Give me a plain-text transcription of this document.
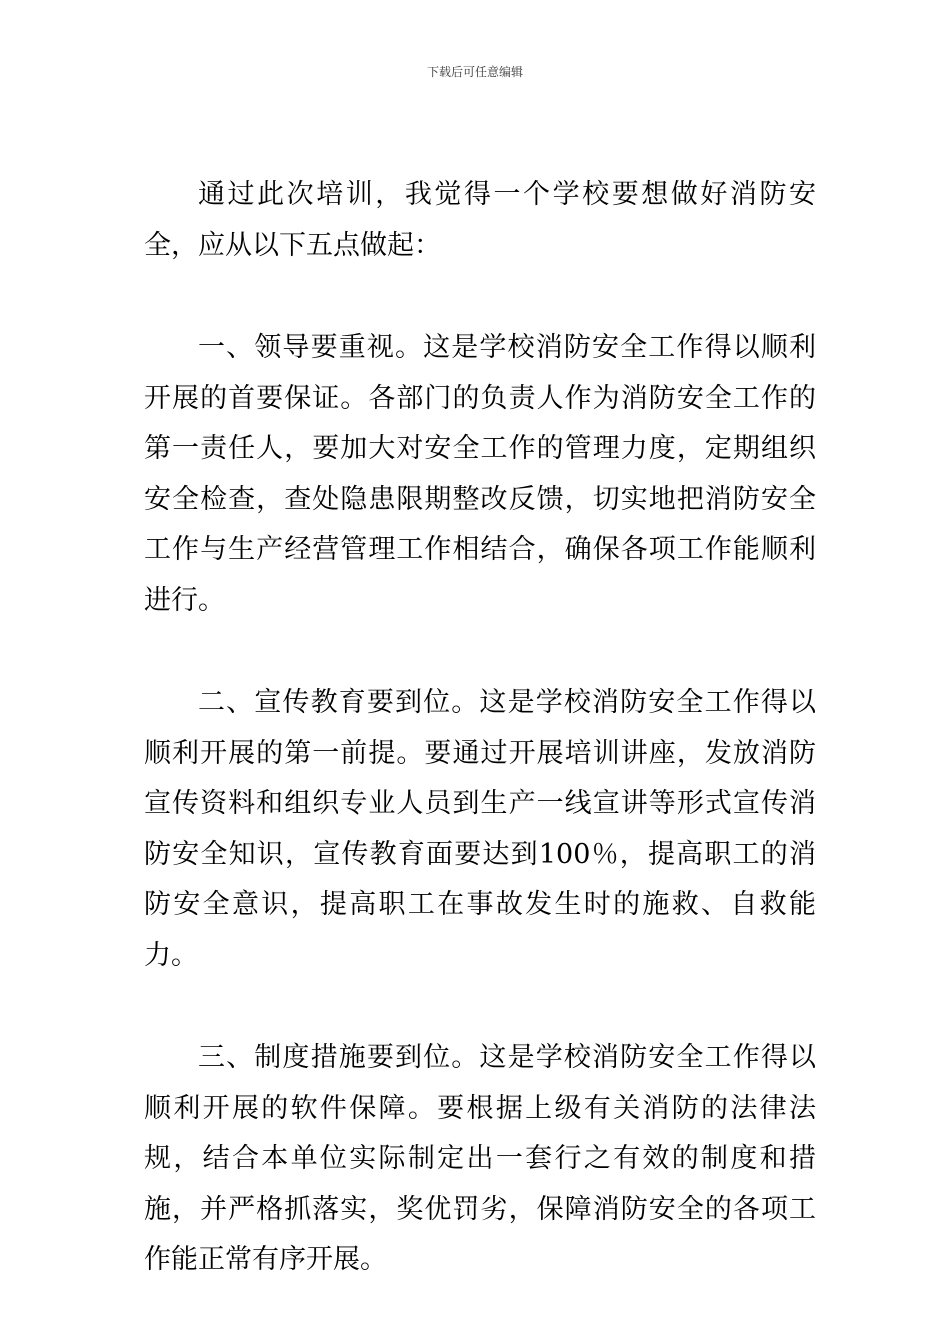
下载后可任意编辑

通过此次培训，我觉得一个学校要想做好消防安全，应从以下五点做起：

一、领导要重视。这是学校消防安全工作得以顺利开展的首要保证。各部门的负责人作为消防安全工作的第一责任人，要加大对安全工作的管理力度，定期组织安全检查，查处隐患限期整改反馈，切实地把消防安全工作与生产经营管理工作相结合，确保各项工作能顺利进行。

二、宣传教育要到位。这是学校消防安全工作得以顺利开展的第一前提。要通过开展培训讲座，发放消防宣传资料和组织专业人员到生产一线宣讲等形式宣传消防安全知识，宣传教育面要达到100％，提高职工的消防安全意识，提高职工在事故发生时的施救、自救能力。

三、制度措施要到位。这是学校消防安全工作得以顺利开展的软件保障。要根据上级有关消防的法律法规，结合本单位实际制定出一套行之有效的制度和措施，并严格抓落实，奖优罚劣，保障消防安全的各项工作能正常有序开展。
